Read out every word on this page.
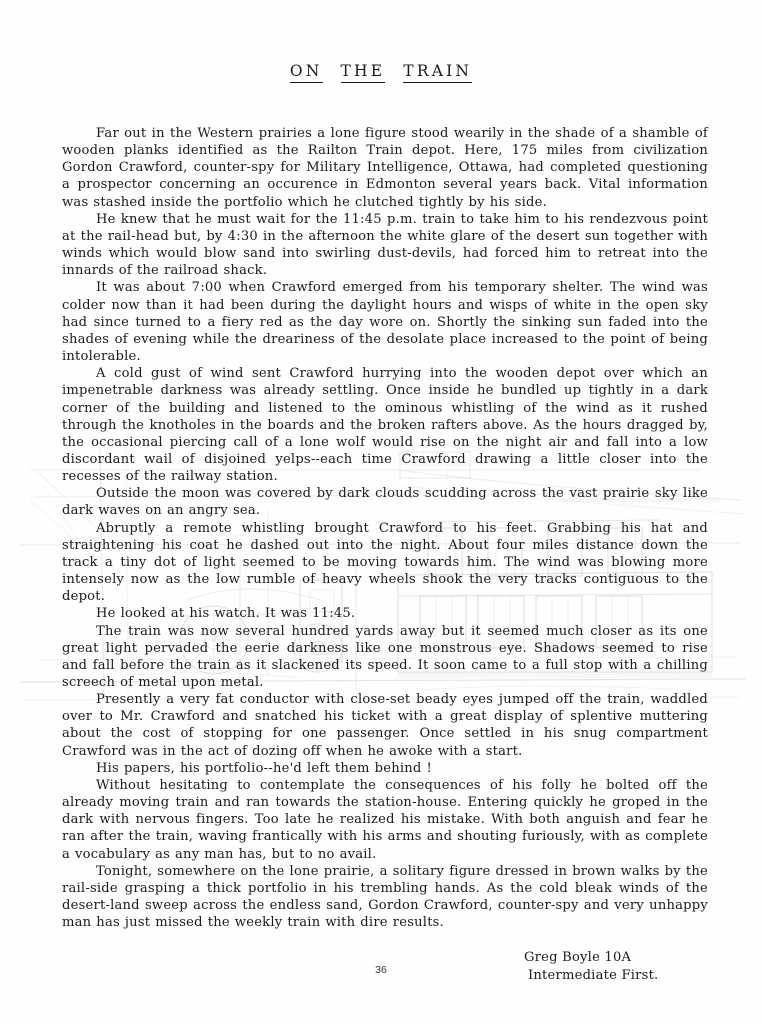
ON THE TRAIN

Far out in the Western prairies a lone figure stood wearily in the shade of a shamble of wooden planks identified as the Railton Train depot. Here, 175 miles from civilization Gordon Crawford, counter-spy for Military Intelligence, Ottawa, had completed questioning a prospector concerning an occurence in Edmonton several years back. Vital information was stashed inside the portfolio which he clutched tightly by his side.

He knew that he must wait for the 11:45 p.m. train to take him to his rendezvous point at the rail-head but, by 4:30 in the afternoon the white glare of the desert sun together with winds which would blow sand into swirling dust-devils, had forced him to retreat into the innards of the railroad shack.

It was about 7:00 when Crawford emerged from his temporary shelter. The wind was colder now than it had been during the daylight hours and wisps of white in the open sky had since turned to a fiery red as the day wore on. Shortly the sinking sun faded into the shades of evening while the dreariness of the desolate place increased to the point of being intolerable.

A cold gust of wind sent Crawford hurrying into the wooden depot over which an impenetrable darkness was already settling. Once inside he bundled up tightly in a dark corner of the building and listened to the ominous whistling of the wind as it rushed through the knotholes in the boards and the broken rafters above. As the hours dragged by, the occasional piercing call of a lone wolf would rise on the night air and fall into a low discordant wail of disjoined yelps--each time Crawford drawing a little closer into the recesses of the railway station.

Outside the moon was covered by dark clouds scudding across the vast prairie sky like dark waves on an angry sea.

Abruptly a remote whistling brought Crawford to his feet. Grabbing his hat and straightening his coat he dashed out into the night. About four miles distance down the track a tiny dot of light seemed to be moving towards him. The wind was blowing more intensely now as the low rumble of heavy wheels shook the very tracks contiguous to the depot.

He looked at his watch. It was 11:45.

The train was now several hundred yards away but it seemed much closer as its one great light pervaded the eerie darkness like one monstrous eye. Shadows seemed to rise and fall before the train as it slackened its speed. It soon came to a full stop with a chilling screech of metal upon metal.

Presently a very fat conductor with close-set beady eyes jumped off the train, waddled over to Mr. Crawford and snatched his ticket with a great display of splentive muttering about the cost of stopping for one passenger. Once settled in his snug compartment Crawford was in the act of dozing off when he awoke with a start.

His papers, his portfolio--he'd left them behind !

Without hesitating to contemplate the consequences of his folly he bolted off the already moving train and ran towards the station-house. Entering quickly he groped in the dark with nervous fingers. Too late he realized his mistake. With both anguish and fear he ran after the train, waving frantically with his arms and shouting furiously, with as complete a vocabulary as any man has, but to no avail.

Tonight, somewhere on the lone prairie, a solitary figure dressed in brown walks by the rail-side grasping a thick portfolio in his trembling hands. As the cold bleak winds of the desert-land sweep across the endless sand, Gordon Crawford, counter-spy and very unhappy man has just missed the weekly train with dire results.

Greg Boyle 10A
Intermediate First.
36
